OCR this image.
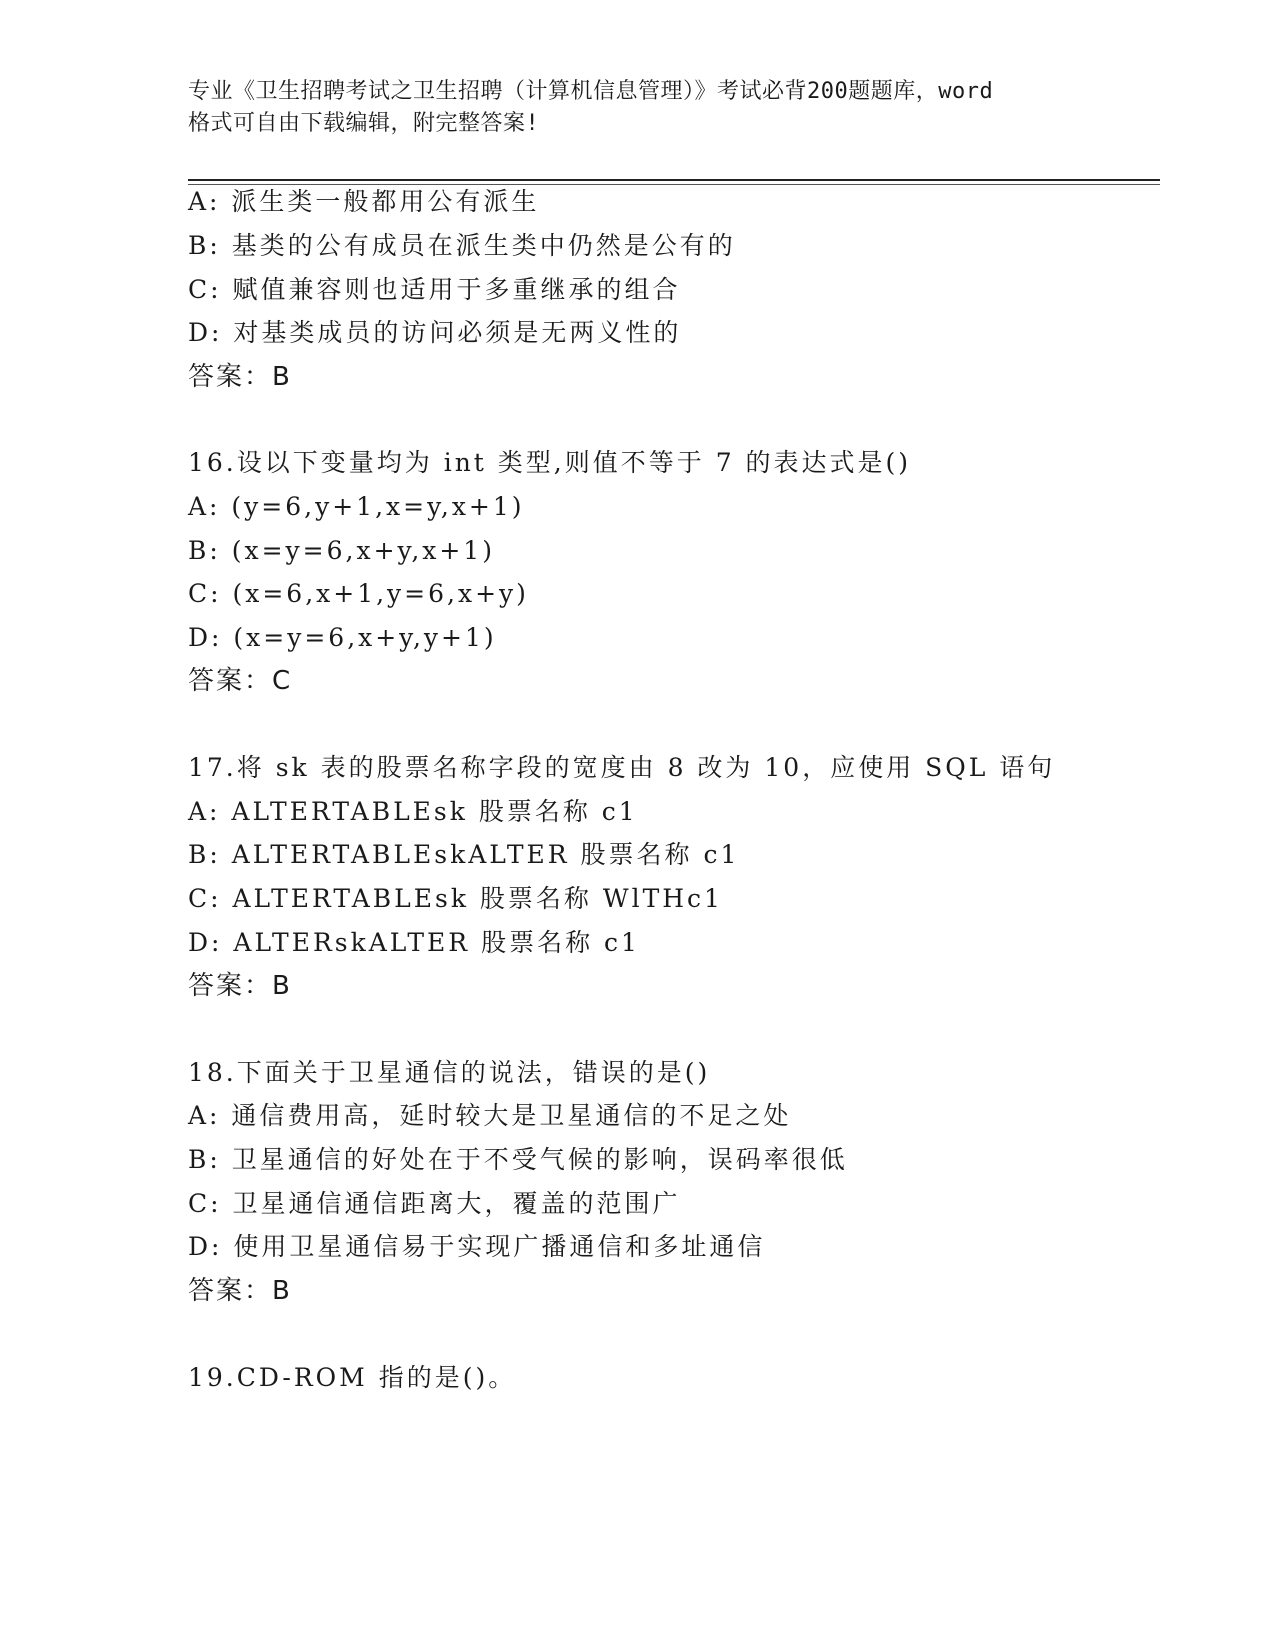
专业《卫生招聘考试之卫生招聘（计算机信息管理）》考试必背200题题库，word
格式可自由下载编辑，附完整答案!
A: 派生类一般都用公有派生
B: 基类的公有成员在派生类中仍然是公有的
C: 赋值兼容则也适用于多重继承的组合
D: 对基类成员的访问必须是无两义性的
答案：B
16.设以下变量均为 int 类型,则值不等于 7 的表达式是()
A: (y=6,y+1,x=y,x+1)
B: (x=y=6,x+y,x+1)
C: (x=6,x+1,y=6,x+y)
D: (x=y=6,x+y,y+1)
答案：C
17.将 sk 表的股票名称字段的宽度由 8 改为 10，应使用 SQL 语句
A: ALTERTABLEsk 股票名称 c1
B: ALTERTABLEskALTER 股票名称 c1
C: ALTERTABLEsk 股票名称 WlTHc1
D: ALTERskALTER 股票名称 c1
答案：B
18.下面关于卫星通信的说法，错误的是()
A: 通信费用高，延时较大是卫星通信的不足之处
B: 卫星通信的好处在于不受气候的影响，误码率很低
C: 卫星通信通信距离大，覆盖的范围广
D: 使用卫星通信易于实现广播通信和多址通信
答案：B
19.CD-ROM 指的是()。
